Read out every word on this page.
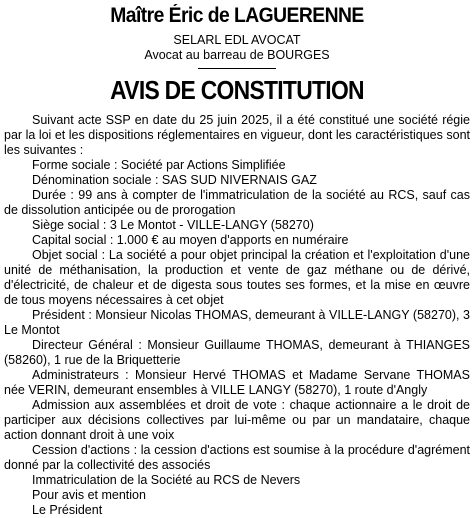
Maître Éric de LAGUERENNE
SELARL EDL AVOCAT
Avocat au barreau de BOURGES
AVIS DE CONSTITUTION

Suivant acte SSP en date du 25 juin 2025, il a été constitué une société régie par la loi et les dispositions réglementaires en vigueur, dont les caractéristiques sont les suivantes :

Forme sociale : Société par Actions Simplifiée

Dénomination sociale : SAS SUD NIVERNAIS GAZ

Durée : 99 ans à compter de l'immatriculation de la société au RCS, sauf cas de dissolution anticipée ou de prorogation

Siège social : 3 Le Montot - VILLE-LANGY (58270)

Capital social : 1.000 € au moyen d'apports en numéraire

Objet social : La société a pour objet principal la création et l'exploitation d'une unité de méthanisation, la production et vente de gaz méthane ou de dérivé, d'électricité, de chaleur et de digesta sous toutes ses formes, et la mise en œuvre de tous moyens nécessaires à cet objet

Président : Monsieur Nicolas THOMAS, demeurant à VILLE-LANGY (58270), 3 Le Montot

Directeur Général : Monsieur Guillaume THOMAS, demeurant à THIANGES (58260), 1 rue de la Briquetterie

Administrateurs : Monsieur Hervé THOMAS et Madame Servane THOMAS née VERIN, demeurant ensembles à VILLE LANGY (58270), 1 route d'Angly

Admission aux assemblées et droit de vote : chaque actionnaire a le droit de participer aux décisions collectives par lui-même ou par un mandataire, chaque action donnant droit à une voix

Cession d'actions : la cession d'actions est soumise à la procédure d'agrément donné par la collectivité des associés

Immatriculation de la Société au RCS de Nevers

Pour avis et mention

Le Président
